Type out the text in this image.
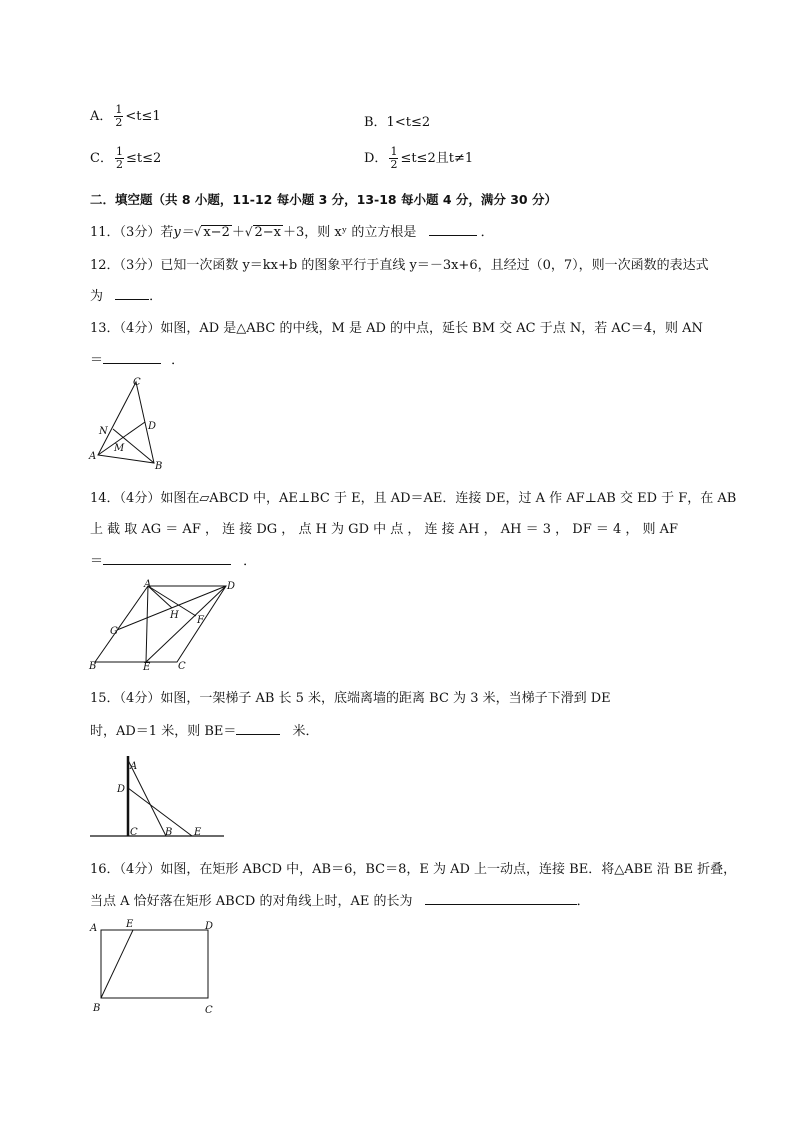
A． $\frac{1}{2} <t\le 1$	B．1<t≤2
C． $\frac{1}{2} \le t\le 2$	D． $\frac{1}{2} \le t\le 2$且t≠1
二．填空题（共 8 小题，11-12 每小题 3 分，13-18 每小题 4 分，满分 30 分）
11．（3分）若y＝√ x−2 ＋√ 2−x ＋3，则 xʸ 的立方根是	．
12．（3分）已知一次函数 y＝kx+b 的图象平行于直线 y＝－3x+6，且经过（0，7），则一次函数的表达式
为	．
13．（4分）如图，AD 是△ABC 的中线，M 是 AD 的中点，延长 BM 交 AC 于点 N，若 AC＝4，则 AN
＝	．
C
D
N
M
A
B
14．（4分）如图在▱ABCD 中，AE⊥BC 于 E，且 AD＝AE．连接 DE，过 A 作 AF⊥AB 交 ED 于 F，在 AB
上 截 取 AG ＝ AF ， 连 接 DG ， 点 H 为 GD 中 点 ， 连 接 AH ， AH ＝ 3 ， DF ＝ 4 ， 则 AF
＝	．
A	D
H F
G
B	E	C
15．（4分）如图，一架梯子 AB 长 5 米，底端离墙的距离 BC 为 3 米，当梯子下滑到 DE
时，AD＝1 米，则 BE＝	米．
A
D
C	B E
16．（4分）如图，在矩形 ABCD 中，AB＝6，BC＝8，E 为 AD 上一动点，连接 BE．将△ABE 沿 BE 折叠，
当点 A 恰好落在矩形 ABCD 的对角线上时，AE 的长为	．
A	E	D
B	C
